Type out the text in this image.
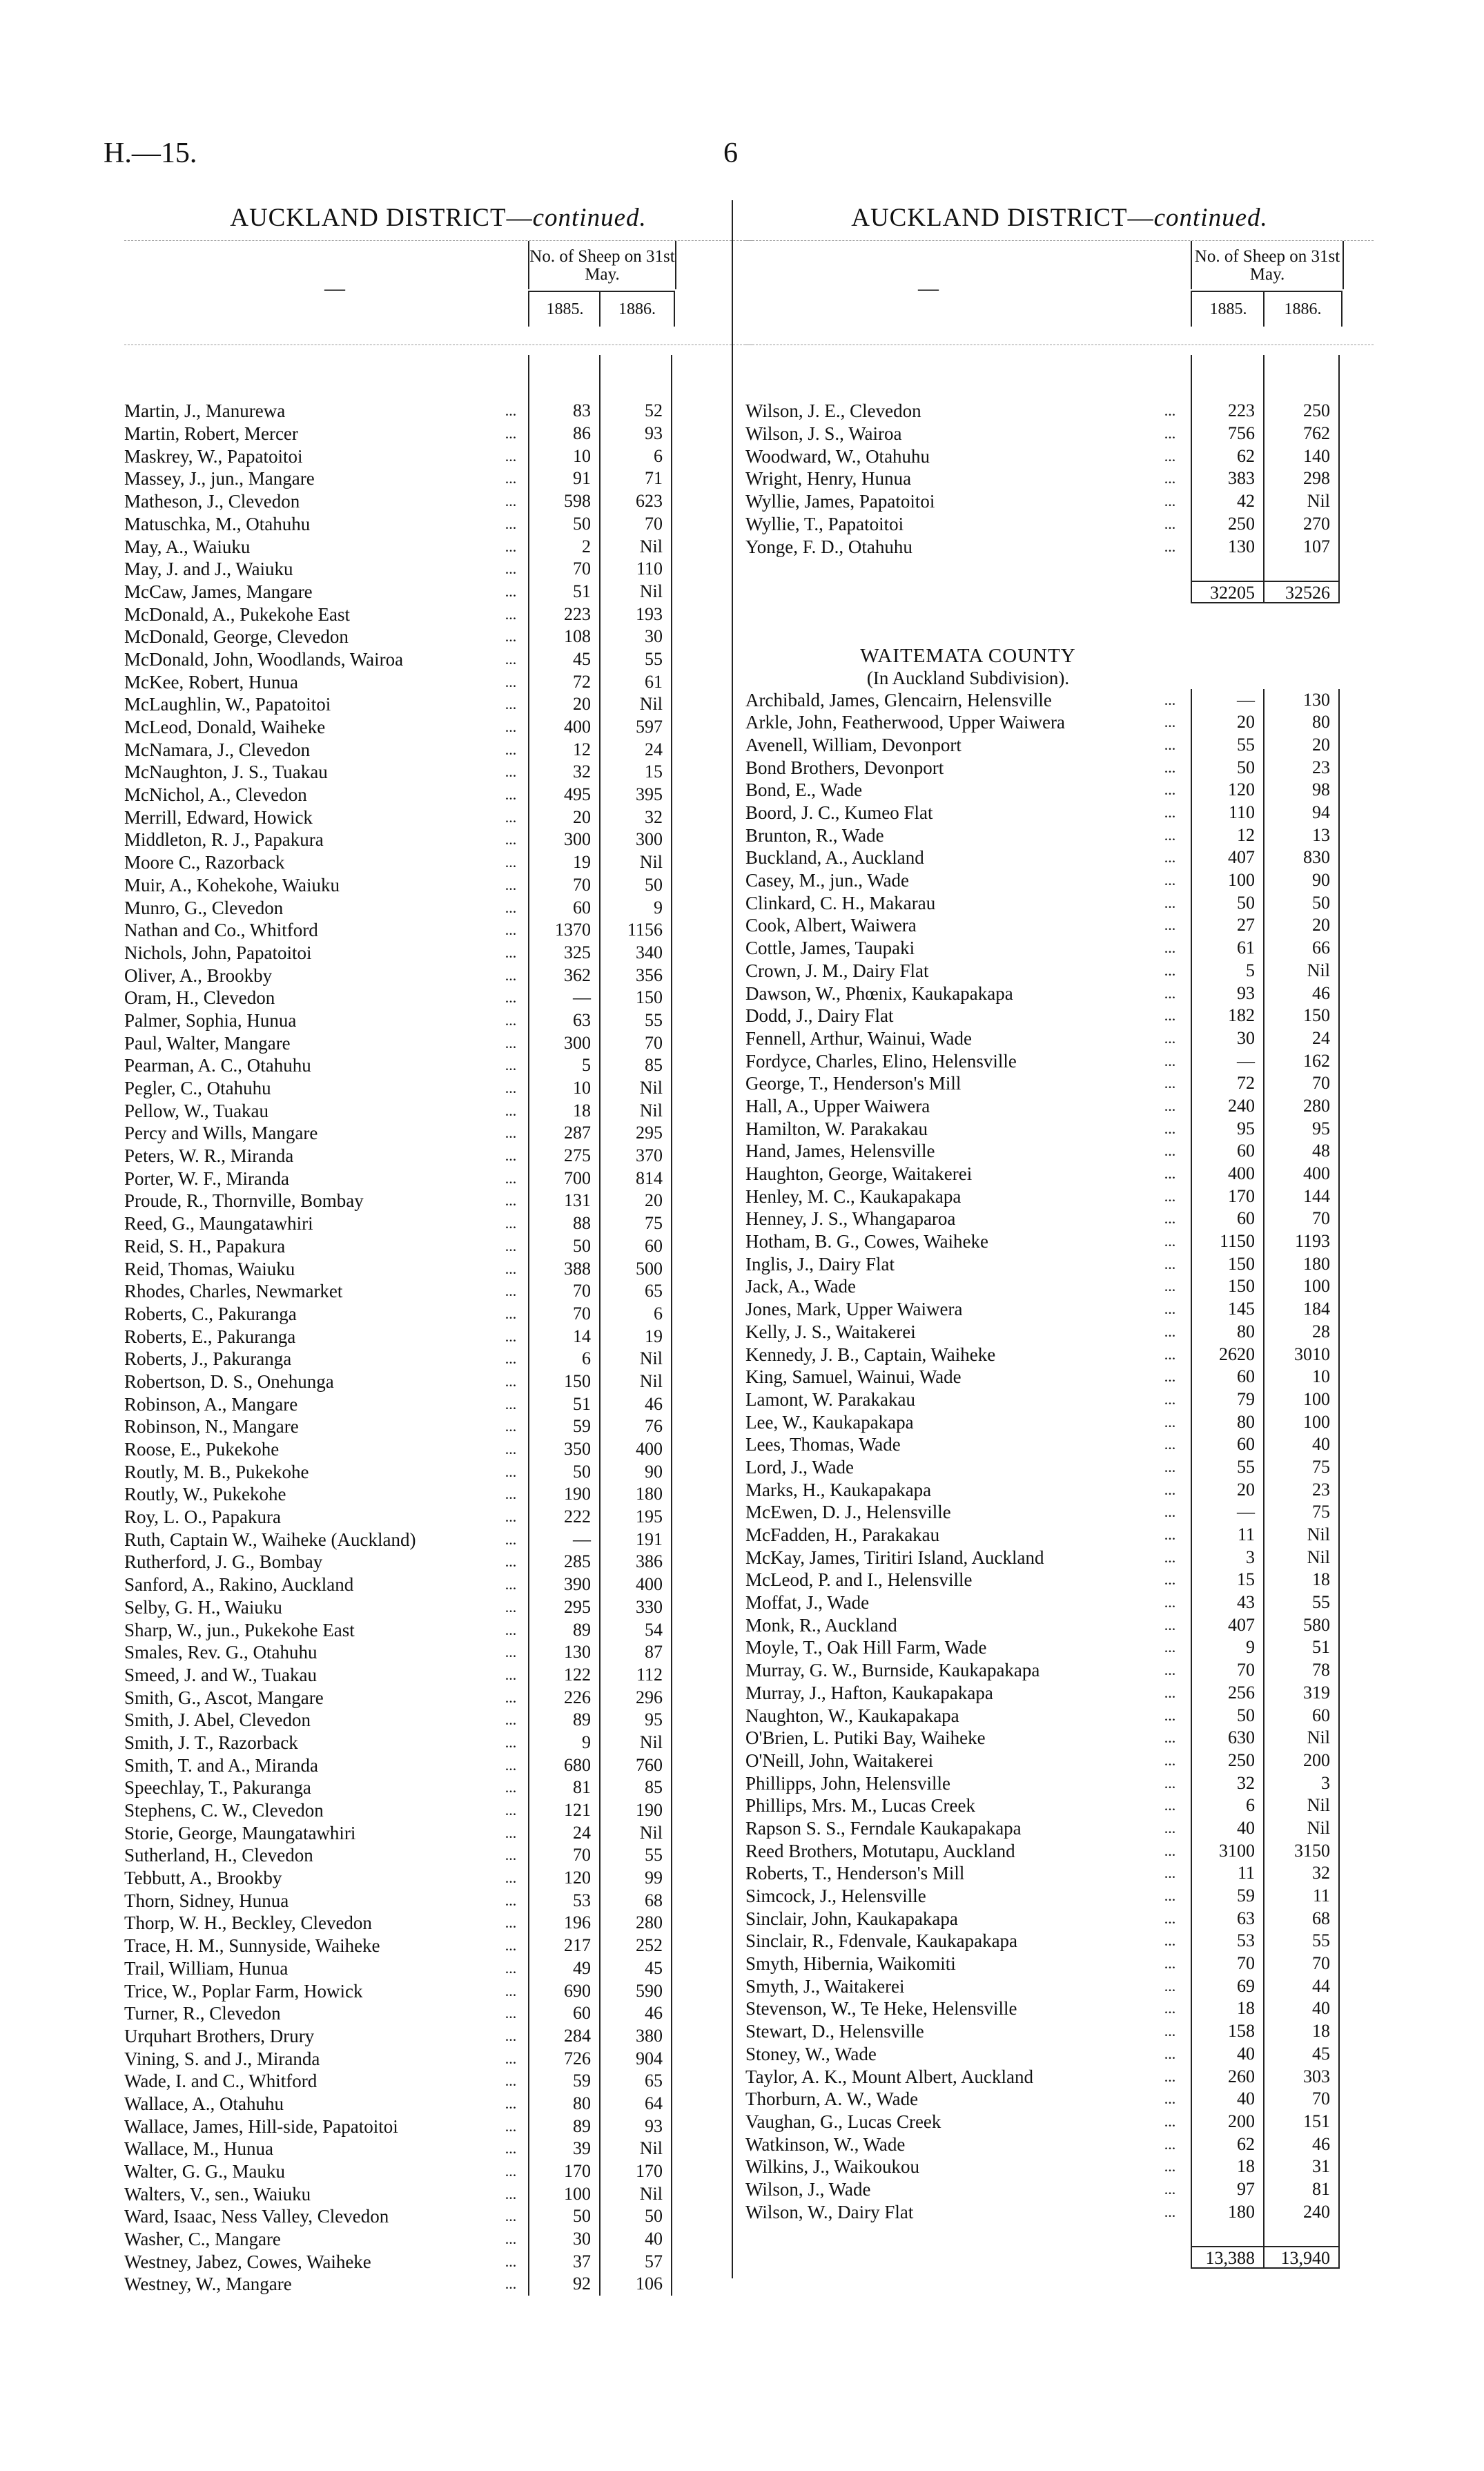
H.—15.	6
AUCKLAND DISTRICT—continued.
—
No. of Sheep on 31st May.
1885.	1886.
Martin, J., Manurewa	...	83	52
Martin, Robert, Mercer	...	86	93
Maskrey, W., Papatoitoi	...	10	6
Massey, J., jun., Mangare	...	91	71
Matheson, J., Clevedon	...	598	623
Matuschka, M., Otahuhu	...	50	70
May, A., Waiuku	...	2	Nil
May, J. and J., Waiuku	...	70	110
McCaw, James, Mangare	...	51	Nil
McDonald, A., Pukekohe East	...	223	193
McDonald, George, Clevedon	...	108	30
McDonald, John, Woodlands, Wairoa	...	45	55
McKee, Robert, Hunua	...	72	61
McLaughlin, W., Papatoitoi	...	20	Nil
McLeod, Donald, Waiheke	...	400	597
McNamara, J., Clevedon	...	12	24
McNaughton, J. S., Tuakau	...	32	15
McNichol, A., Clevedon	...	495	395
Merrill, Edward, Howick	...	20	32
Middleton, R. J., Papakura	...	300	300
Moore C., Razorback	...	19	Nil
Muir, A., Kohekohe, Waiuku	...	70	50
Munro, G., Clevedon	...	60	9
Nathan and Co., Whitford	...	1370	1156
Nichols, John, Papatoitoi	...	325	340
Oliver, A., Brookby	...	362	356
Oram, H., Clevedon	...	—	150
Palmer, Sophia, Hunua	...	63	55
Paul, Walter, Mangare	...	300	70
Pearman, A. C., Otahuhu	...	5	85
Pegler, C., Otahuhu	...	10	Nil
Pellow, W., Tuakau	...	18	Nil
Percy and Wills, Mangare	...	287	295
Peters, W. R., Miranda	...	275	370
Porter, W. F., Miranda	...	700	814
Proude, R., Thornville, Bombay	...	131	20
Reed, G., Maungatawhiri	...	88	75
Reid, S. H., Papakura	...	50	60
Reid, Thomas, Waiuku	...	388	500
Rhodes, Charles, Newmarket	...	70	65
Roberts, C., Pakuranga	...	70	6
Roberts, E., Pakuranga	...	14	19
Roberts, J., Pakuranga	...	6	Nil
Robertson, D. S., Onehunga	...	150	Nil
Robinson, A., Mangare	...	51	46
Robinson, N., Mangare	...	59	76
Roose, E., Pukekohe	...	350	400
Routly, M. B., Pukekohe	...	50	90
Routly, W., Pukekohe	...	190	180
Roy, L. O., Papakura	...	222	195
Ruth, Captain W., Waiheke (Auckland)	...	—	191
Rutherford, J. G., Bombay	...	285	386
Sanford, A., Rakino, Auckland	...	390	400
Selby, G. H., Waiuku	...	295	330
Sharp, W., jun., Pukekohe East	...	89	54
Smales, Rev. G., Otahuhu	...	130	87
Smeed, J. and W., Tuakau	...	122	112
Smith, G., Ascot, Mangare	...	226	296
Smith, J. Abel, Clevedon	...	89	95
Smith, J. T., Razorback	...	9	Nil
Smith, T. and A., Miranda	...	680	760
Speechlay, T., Pakuranga	...	81	85
Stephens, C. W., Clevedon	...	121	190
Storie, George, Maungatawhiri	...	24	Nil
Sutherland, H., Clevedon	...	70	55
Tebbutt, A., Brookby	...	120	99
Thorn, Sidney, Hunua	...	53	68
Thorp, W. H., Beckley, Clevedon	...	196	280
Trace, H. M., Sunnyside, Waiheke	...	217	252
Trail, William, Hunua	...	49	45
Trice, W., Poplar Farm, Howick	...	690	590
Turner, R., Clevedon	...	60	46
Urquhart Brothers, Drury	...	284	380
Vining, S. and J., Miranda	...	726	904
Wade, I. and C., Whitford	...	59	65
Wallace, A., Otahuhu	...	80	64
Wallace, James, Hill-side, Papatoitoi	...	89	93
Wallace, M., Hunua	...	39	Nil
Walter, G. G., Mauku	...	170	170
Walters, V., sen., Waiuku	...	100	Nil
Ward, Isaac, Ness Valley, Clevedon	...	50	50
Washer, C., Mangare	...	30	40
Westney, Jabez, Cowes, Waiheke	...	37	57
Westney, W., Mangare	...	92	106
AUCKLAND DISTRICT—continued.
—
No. of Sheep on 31st May.
1885.	1886.
Wilson, J. E., Clevedon	...	223	250
Wilson, J. S., Wairoa	...	756	762
Woodward, W., Otahuhu	...	62	140
Wright, Henry, Hunua	...	383	298
Wyllie, James, Papatoitoi	...	42	Nil
Wyllie, T., Papatoitoi	...	250	270
Yonge, F. D., Otahuhu	...	130	107
32205	32526
WAITEMATA COUNTY
(In Auckland Subdivision).
Archibald, James, Glencairn, Helensville	...	—	130
Arkle, John, Featherwood, Upper Waiwera	...	20	80
Avenell, William, Devonport	...	55	20
Bond Brothers, Devonport	...	50	23
Bond, E., Wade	...	120	98
Boord, J. C., Kumeo Flat	...	110	94
Brunton, R., Wade	...	12	13
Buckland, A., Auckland	...	407	830
Casey, M., jun., Wade	...	100	90
Clinkard, C. H., Makarau	...	50	50
Cook, Albert, Waiwera	...	27	20
Cottle, James, Taupaki	...	61	66
Crown, J. M., Dairy Flat	...	5	Nil
Dawson, W., Phœnix, Kaukapakapa	...	93	46
Dodd, J., Dairy Flat	...	182	150
Fennell, Arthur, Wainui, Wade	...	30	24
Fordyce, Charles, Elino, Helensville	...	—	162
George, T., Henderson's Mill	...	72	70
Hall, A., Upper Waiwera	...	240	280
Hamilton, W. Parakakau	...	95	95
Hand, James, Helensville	...	60	48
Haughton, George, Waitakerei	...	400	400
Henley, M. C., Kaukapakapa	...	170	144
Henney, J. S., Whangaparoa	...	60	70
Hotham, B. G., Cowes, Waiheke	...	1150	1193
Inglis, J., Dairy Flat	...	150	180
Jack, A., Wade	...	150	100
Jones, Mark, Upper Waiwera	...	145	184
Kelly, J. S., Waitakerei	...	80	28
Kennedy, J. B., Captain, Waiheke	...	2620	3010
King, Samuel, Wainui, Wade	...	60	10
Lamont, W. Parakakau	...	79	100
Lee, W., Kaukapakapa	...	80	100
Lees, Thomas, Wade	...	60	40
Lord, J., Wade	...	55	75
Marks, H., Kaukapakapa	...	20	23
McEwen, D. J., Helensville	...	—	75
McFadden, H., Parakakau	...	11	Nil
McKay, James, Tiritiri Island, Auckland	...	3	Nil
McLeod, P. and I., Helensville	...	15	18
Moffat, J., Wade	...	43	55
Monk, R., Auckland	...	407	580
Moyle, T., Oak Hill Farm, Wade	...	9	51
Murray, G. W., Burnside, Kaukapakapa	...	70	78
Murray, J., Hafton, Kaukapakapa	...	256	319
Naughton, W., Kaukapakapa	...	50	60
O'Brien, L. Putiki Bay, Waiheke	...	630	Nil
O'Neill, John, Waitakerei	...	250	200
Phillipps, John, Helensville	...	32	3
Phillips, Mrs. M., Lucas Creek	...	6	Nil
Rapson S. S., Ferndale Kaukapakapa	...	40	Nil
Reed Brothers, Motutapu, Auckland	...	3100	3150
Roberts, T., Henderson's Mill	...	11	32
Simcock, J., Helensville	...	59	11
Sinclair, John, Kaukapakapa	...	63	68
Sinclair, R., Fdenvale, Kaukapakapa	...	53	55
Smyth, Hibernia, Waikomiti	...	70	70
Smyth, J., Waitakerei	...	69	44
Stevenson, W., Te Heke, Helensville	...	18	40
Stewart, D., Helensville	...	158	18
Stoney, W., Wade	...	40	45
Taylor, A. K., Mount Albert, Auckland	...	260	303
Thorburn, A. W., Wade	...	40	70
Vaughan, G., Lucas Creek	...	200	151
Watkinson, W., Wade	...	62	46
Wilkins, J., Waikoukou	...	18	31
Wilson, J., Wade	...	97	81
Wilson, W., Dairy Flat	...	180	240
13,388	13,940
